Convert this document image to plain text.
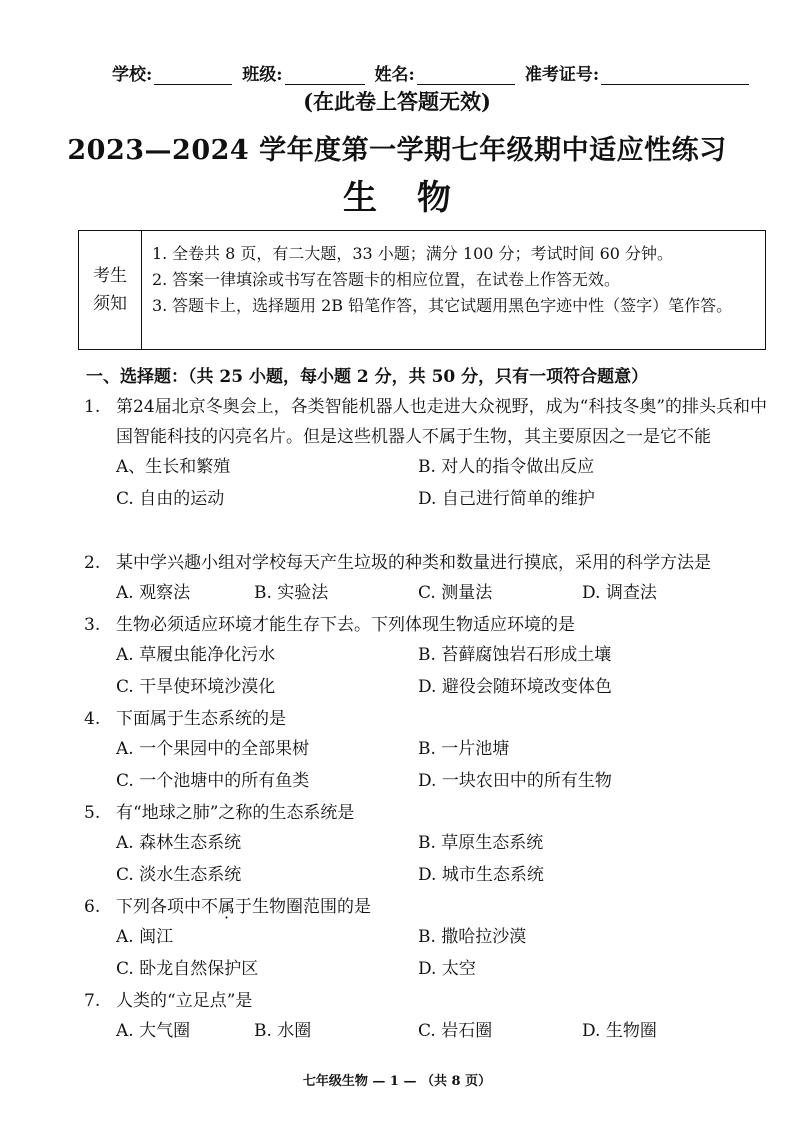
学校:	班级:	姓名:	准考证号:
(在此卷上答题无效)
2023—2024 学年度第一学期七年级期中适应性练习
生物
考生
须知
1. 全卷共 8 页，有二大题，33 小题；满分 100 分；考试时间 60 分钟。
2. 答案一律填涂或书写在答题卡的相应位置，在试卷上作答无效。
3. 答题卡上，选择题用 2B 铅笔作答，其它试题用黑色字迹中性（签字）笔作答。
一、选择题：（共 25 小题，每小题 2 分，共 50 分，只有一项符合题意）
1. 第24届北京冬奥会上，各类智能机器人也走进大众视野，成为“科技冬奥”的排头兵和中国智能科技的闪亮名片。但是这些机器人不属于生物，其主要原因之一是它不能
A、生长和繁殖	B. 对人的指令做出反应
C. 自由的运动	D. 自己进行简单的维护
2. 某中学兴趣小组对学校每天产生垃圾的种类和数量进行摸底，采用的科学方法是
A. 观察法	B. 实验法	C. 测量法	D. 调查法
3. 生物必须适应环境才能生存下去。下列体现生物适应环境的是
A. 草履虫能净化污水	B. 苔藓腐蚀岩石形成土壤
C. 干旱使环境沙漠化	D. 避役会随环境改变体色
4. 下面属于生态系统的是
A. 一个果园中的全部果树	B. 一片池塘
C. 一个池塘中的所有鱼类	D. 一块农田中的所有生物
5. 有“地球之肺”之称的生态系统是
A. 森林生态系统	B. 草原生态系统
C. 淡水生态系统	D. 城市生态系统
6. 下列各项中不属于生物圈范围的是
A. 闽江	B. 撒哈拉沙漠
C. 卧龙自然保护区	D. 太空
7. 人类的“立足点”是
A. 大气圈	B. 水圈	C. 岩石圈	D. 生物圈
七年级生物 — 1 — （共 8 页）
